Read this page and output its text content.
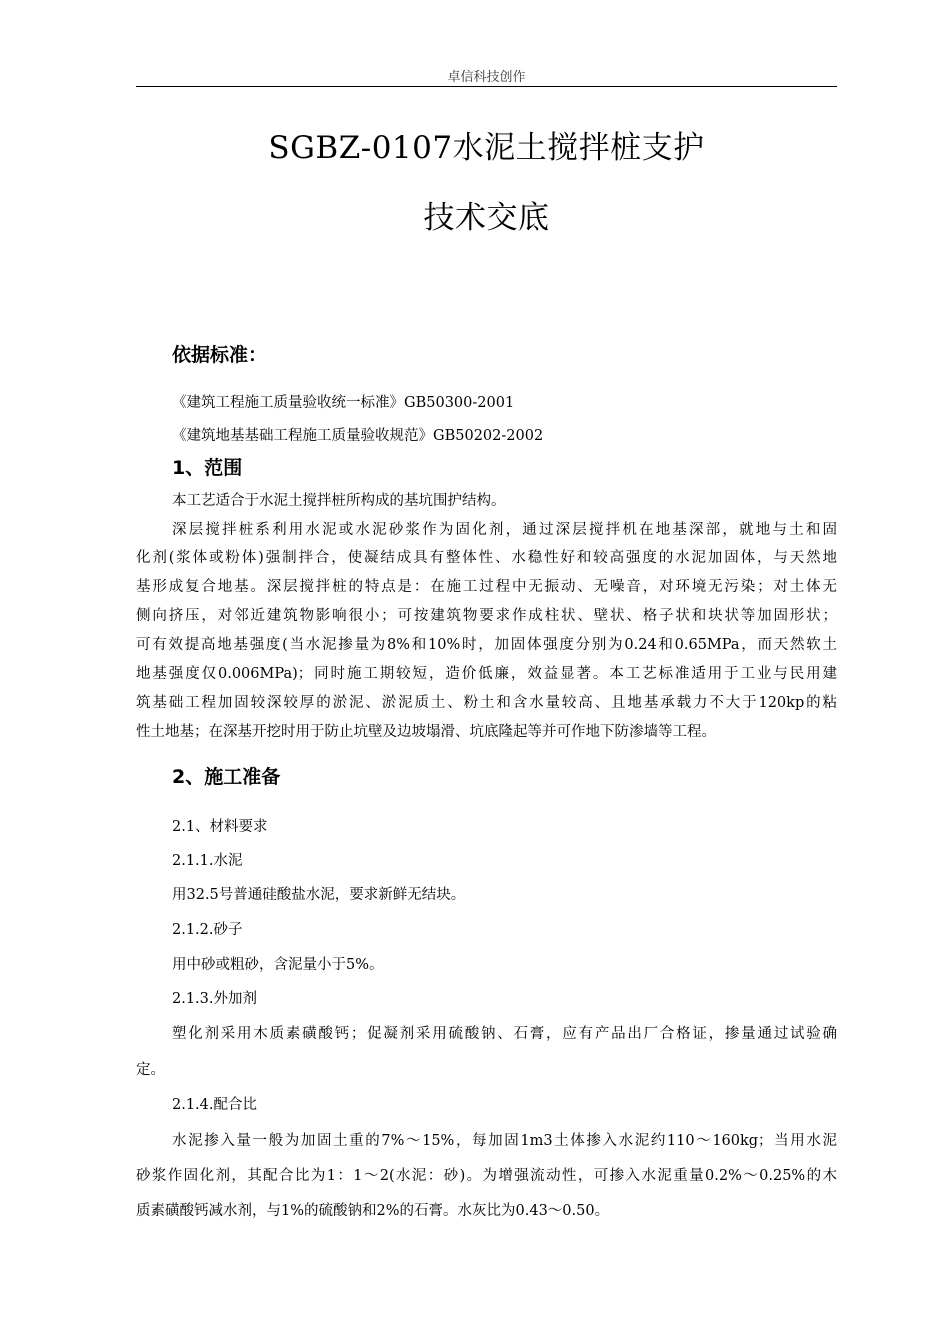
卓信科技创作
SGBZ-0107水泥土搅拌桩支护
技术交底
依据标准：
《建筑工程施工质量验收统一标准》GB50300-2001
《建筑地基基础工程施工质量验收规范》GB50202-2002
1、范围
本工艺适合于水泥土搅拌桩所构成的基坑围护结构。
深层搅拌桩系利用水泥或水泥砂浆作为固化剂，通过深层搅拌机在地基深部，就地与土和固
化剂(浆体或粉体)强制拌合，使凝结成具有整体性、水稳性好和较高强度的水泥加固体，与天然地
基形成复合地基。深层搅拌桩的特点是：在施工过程中无振动、无噪音，对环境无污染；对土体无
侧向挤压，对邻近建筑物影响很小；可按建筑物要求作成柱状、壁状、格子状和块状等加固形状；
可有效提高地基强度(当水泥掺量为8%和10%时，加固体强度分别为0.24和0.65MPa，而天然软土
地基强度仅0.006MPa)；同时施工期较短，造价低廉，效益显著。本工艺标准适用于工业与民用建
筑基础工程加固较深较厚的淤泥、淤泥质土、粉土和含水量较高、且地基承载力不大于120kp的粘
性土地基；在深基开挖时用于防止坑壁及边坡塌滑、坑底隆起等并可作地下防渗墙等工程。
2、施工准备
2.1、材料要求
2.1.1.水泥
用32.5号普通硅酸盐水泥，要求新鲜无结块。
2.1.2.砂子
用中砂或粗砂，含泥量小于5%。
2.1.3.外加剂
塑化剂采用木质素磺酸钙；促凝剂采用硫酸钠、石膏，应有产品出厂合格证，掺量通过试验确
定。
2.1.4.配合比
水泥掺入量一般为加固土重的7%～15%，每加固1m3土体掺入水泥约110～160kg；当用水泥
砂浆作固化剂，其配合比为1：1～2(水泥：砂)。为增强流动性，可掺入水泥重量0.2%～0.25%的木
质素磺酸钙减水剂，与1%的硫酸钠和2%的石膏。水灰比为0.43～0.50。
